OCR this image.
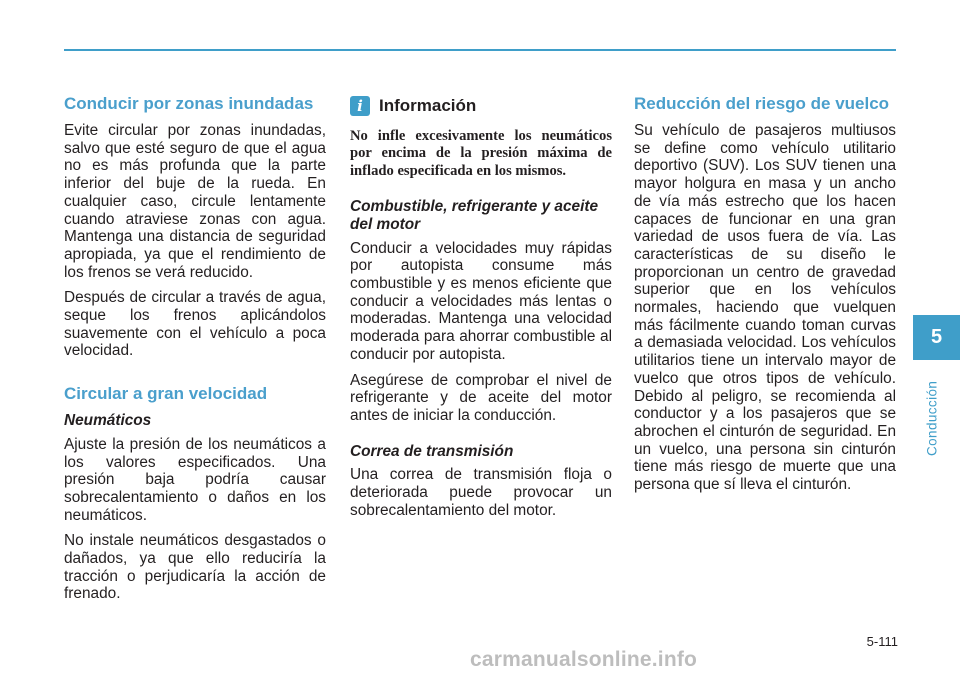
Conducir por zonas inundadas

Evite circular por zonas inundadas, salvo que esté seguro de que el agua no es más profunda que la parte inferior del buje de la rueda. En cualquier caso, circule lentamente cuando atraviese zonas con agua. Mantenga una distancia de seguridad apropiada, ya que el rendimiento de los frenos se verá reducido.

Después de circular a través de agua, seque los frenos aplicándolos suavemente con el vehículo a poca velocidad.

Circular a gran velocidad
Neumáticos

Ajuste la presión de los neumáticos a los valores especificados. Una presión baja podría causar sobrecalentamiento o daños en los neumáticos.

No instale neumáticos desgastados o dañados, ya que ello reduciría la tracción o perjudicaría la acción de frenado.

i Información

No infle excesivamente los neumáticos por encima de la presión máxima de inflado especificada en los mismos.

Combustible, refrigerante y aceite del motor

Conducir a velocidades muy rápidas por autopista consume más combustible y es menos eficiente que conducir a velocidades más lentas o moderadas. Mantenga una velocidad moderada para ahorrar combustible al conducir por autopista.

Asegúrese de comprobar el nivel de refrigerante y de aceite del motor antes de iniciar la conducción.

Correa de transmisión

Una correa de transmisión floja o deteriorada puede provocar un sobrecalentamiento del motor.

Reducción del riesgo de vuelco

Su vehículo de pasajeros multiusos se define como vehículo utilitario deportivo (SUV). Los SUV tienen una mayor holgura en masa y un ancho de vía más estrecho que los hacen capaces de funcionar en una gran variedad de usos fuera de vía. Las características de su diseño le proporcionan un centro de gravedad superior que en los vehículos normales, haciendo que vuelquen más fácilmente cuando toman curvas a demasiada velocidad. Los vehículos utilitarios tiene un intervalo mayor de vuelco que otros tipos de vehículo. Debido al peligro, se recomienda al conductor y a los pasajeros que se abrochen el cinturón de seguridad. En un vuelco, una persona sin cinturón tiene más riesgo de muerte que una persona que sí lleva el cinturón.

5
Conducción
5-111
carmanualsonline.info
